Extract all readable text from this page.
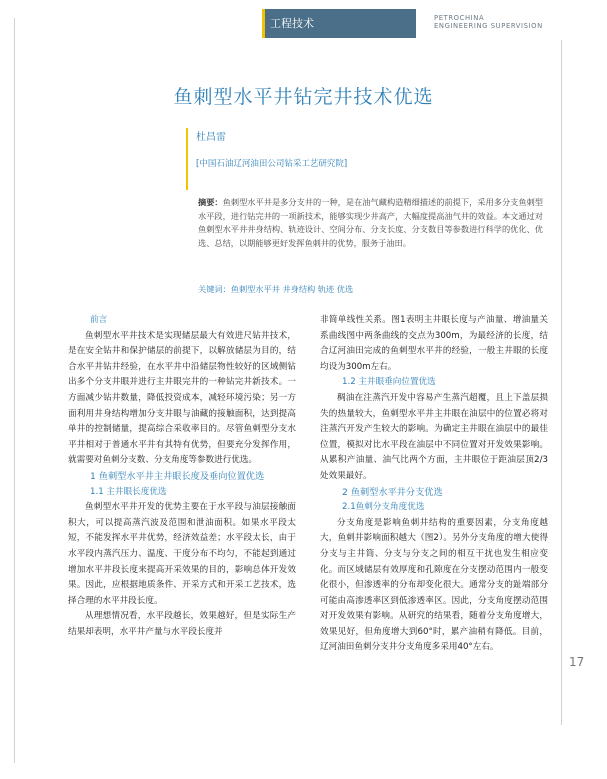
工程技术	PETROCHINA
ENGINEERING SUPERVISION
鱼刺型水平井钻完井技术优选
杜昌雷
[中国石油辽河油田公司钻采工艺研究院]
摘要：鱼刺型水平井是多分支井的一种，是在油气藏构造精细描述的前提下，采用多分支鱼刺型水平段，进行钻完井的一项新技术，能够实现少井高产，大幅度提高油气井的效益。本文通过对鱼刺型水平井井身结构、轨迹设计、空间分布、分支长度、分支数目等参数进行科学的优化、优选、总结，以期能够更好发挥鱼刺井的优势，服务于油田。
关键词：鱼刺型水平井 井身结构 轨迹 优选
前言

鱼刺型水平井技术是实现储层最大有效进尺钻井技术，是在安全钻井和保护储层的前提下，以解放储层为目的，结合水平井钻井经验，在水平井中沿储层物性较好的区域侧钻出多个分支井眼并进行主井眼完井的一种钻完井新技术。一方面减少钻井数量，降低投资成本，减轻环境污染；另一方面利用井身结构增加分支井眼与油藏的接触面积，达到提高单井的控制储量，提高综合采收率目的。尽管鱼刺型分支水平井相对于普通水平井有其特有优势，但要充分发挥作用，就需要对鱼刺分支数、分支角度等参数进行优选。

1 鱼刺型水平井主井眼长度及垂向位置优选
1.1 主井眼长度优选

鱼刺型水平井开发的优势主要在于水平段与油层接触面积大，可以提高蒸汽波及范围和泄油面积。如果水平段太短，不能发挥水平井优势，经济效益差；水平段太长，由于水平段内蒸汽压力、温度、干度分布不均匀，不能起到通过增加水平井段长度来提高开采效果的目的，影响总体开发效果。因此，应根据地质条件、开采方式和开采工艺技术，选择合理的水平井段长度。

从理想情况看，水平段越长，效果越好，但是实际生产结果却表明，水平井产量与水平段长度并

非简单线性关系。图1表明主井眼长度与产油量、增油量关系曲线图中两条曲线的交点为300m，为最经济的长度，结合辽河油田完成的鱼刺型水平井的经验，一般主井眼的长度均设为300m左右。

1.2 主井眼垂向位置优选

稠油在注蒸汽开发中容易产生蒸汽超覆，且上下盖层损失的热量较大，鱼刺型水平井主井眼在油层中的位置必将对注蒸汽开发产生较大的影响。为确定主井眼在油层中的最佳位置，模拟对比水平段在油层中不同位置对开发效果影响。从累积产油量、油气比两个方面，主井眼位于距油层顶2/3处效果最好。

2 鱼刺型水平井分支优选
2.1鱼刺分支角度优选

分支角度是影响鱼刺井结构的重要因素，分支角度越大，鱼刺井影响面积越大（图2）。另外分支角度的增大使得分支与主井筒、分支与分支之间的相互干扰也发生相应变化。而区域储层有效厚度和孔隙度在分支摆动范围内一般变化很小，但渗透率的分布却变化很大。通常分支的趾端部分可能由高渗透率区到低渗透率区。因此，分支角度摆动范围对开发效果有影响。从研究的结果看，随着分支角度增大，效果见好，但角度增大到60°时，累产油稍有降低。目前，辽河油田鱼刺分支井分支角度多采用40°左右。

17
